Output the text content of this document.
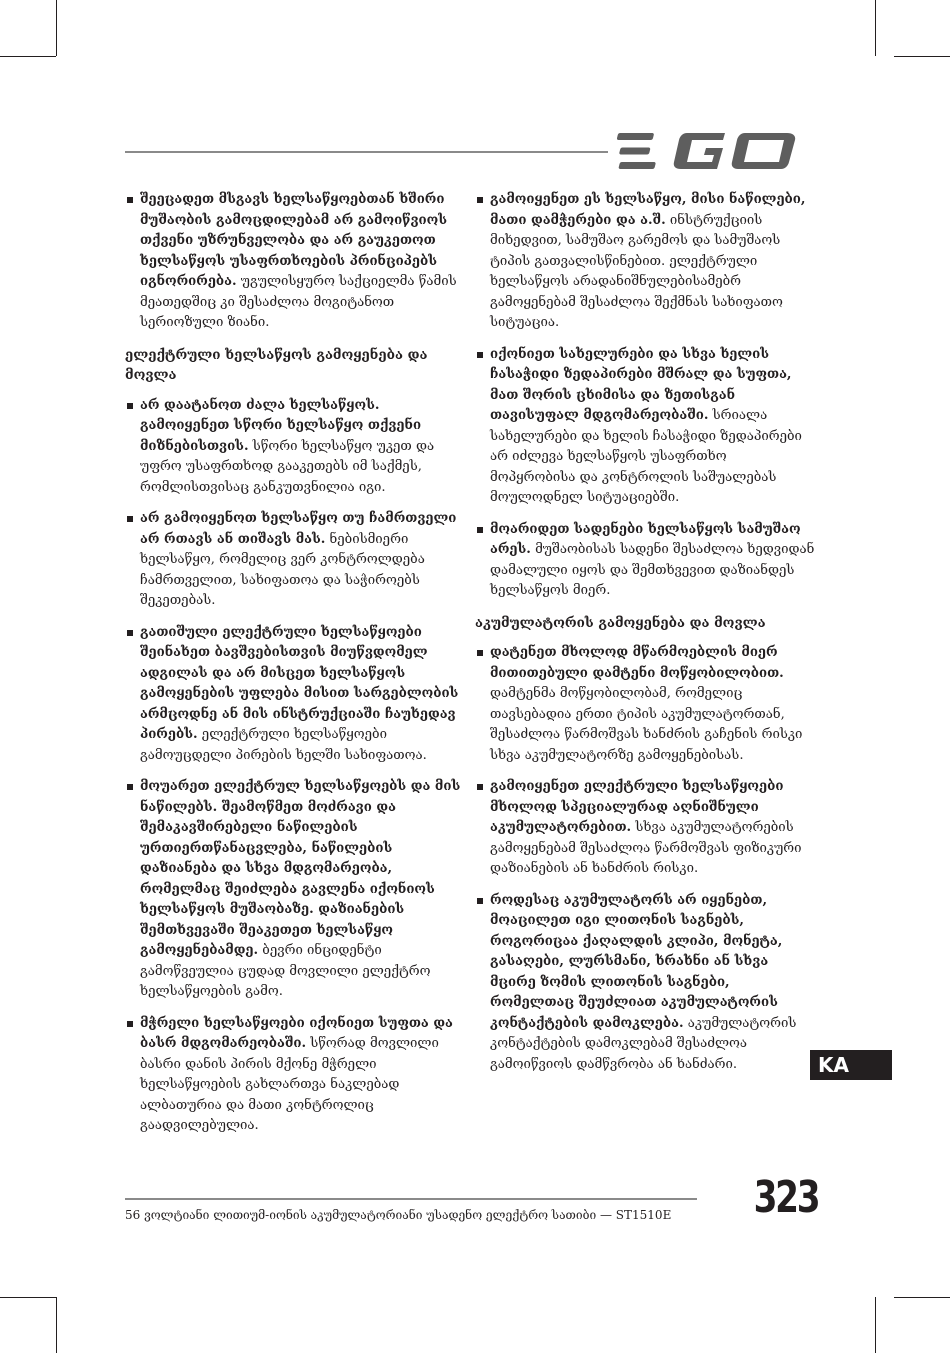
შეეცადეთ მსგავს ხელსაწყოებთან ხშირი მუშაობის გამოცდილებამ არ გამოიწვიოს თქვენი უზრუნველობა და არ გაუკეთოთ ხელსაწყოს უსაფრთხოების პრინციპებს იგნორირება. უგულისყურო საქციელმა წამის მეათედშიც კი შესაძლოა მოგიტანოთ სერიოზული ზიანი.
ელექტრული ხელსაწყოს გამოყენება და მოვლა
არ დაატანოთ ძალა ხელსაწყოს. გამოიყენეთ სწორი ხელსაწყო თქვენი მიზნებისთვის. სწორი ხელსაწყო უკეთ და უფრო უსაფრთხოდ გააკეთებს იმ საქმეს, რომლისთვისაც განკუთვნილია იგი.
არ გამოიყენოთ ხელსაწყო თუ ჩამრთველი არ რთავს ან თიშავს მას. ნებისმიერი ხელსაწყო, რომელიც ვერ კონტროლდება ჩამრთველით, სახიფათოა და საჭიროებს შეკეთებას.
გათიშული ელექტრული ხელსაწყოები შეინახეთ ბავშვებისთვის მიუწვდომელ ადგილას და არ მისცეთ ხელსაწყოს გამოყენების უფლება მისით სარგებლობის არმცოდნე ან მის ინსტრუქციაში ჩაუხედავ პირებს. ელექტრული ხელსაწყოები გამოუცდელი პირების ხელში სახიფათოა.
მოუარეთ ელექტრულ ხელსაწყოებს და მის ნაწილებს. შეამოწმეთ მოძრავი და შემაკავშირებელი ნაწილების ურთიერთწანაცვლება, ნაწილების დაზიანება და სხვა მდგომარეობა, რომელმაც შეიძლება გავლენა იქონიოს ხელსაწყოს მუშაობაზე. დაზიანების შემთხვევაში შეაკეთეთ ხელსაწყო გამოყენებამდე. ბევრი ინციდენტი გამოწვეულია ცუდად მოვლილი ელექტრო ხელსაწყოების გამო.
მჭრელი ხელსაწყოები იქონიეთ სუფთა და ბასრ მდგომარეობაში. სწორად მოვლილი ბასრი დანის პირის მქონე მჭრელი ხელსაწყოების გახლართვა ნაკლებად ალბათურია და მათი კონტროლიც გაადვილებულია.
გამოიყენეთ ეს ხელსაწყო, მისი ნაწილები, მათი დამჭერები და ა.შ. ინსტრუქციის მიხედვით, სამუშაო გარემოს და სამუშაოს ტიპის გათვალისწინებით. ელექტრული ხელსაწყოს არადანიშნულებისამებრ გამოყენებამ შესაძლოა შექმნას სახიფათო სიტუაცია.
იქონიეთ სახელურები და სხვა ხელის ჩასაჭიდი ზედაპირები მშრალ და სუფთა, მათ შორის ცხიმისა და ზეთისგან თავისუფალ მდგომარეობაში. სრიალა სახელურები და ხელის ჩასაჭიდი ზედაპირები არ იძლევა ხელსაწყოს უსაფრთხო მოპყრობისა და კონტროლის საშუალებას მოულოდნელ სიტუაციებში.
მოარიდეთ სადენები ხელსაწყოს სამუშაო არეს. მუშაობისას სადენი შესაძლოა ხედვიდან დამალული იყოს და შემთხვევით დაზიანდეს ხელსაწყოს მიერ.
აკუმულატორის გამოყენება და მოვლა
დატენეთ მხოლოდ მწარმოებლის მიერ მითითებული დამტენი მოწყობილობით. დამტენმა მოწყობილობამ, რომელიც თავსებადია ერთი ტიპის აკუმულატორთან, შესაძლოა წარმოშვას ხანძრის გაჩენის რისკი სხვა აკუმულატორზე გამოყენებისას.
გამოიყენეთ ელექტრული ხელსაწყოები მხოლოდ სპეციალურად აღნიშნული აკუმულატორებით. სხვა აკუმულატორების გამოყენებამ შესაძლოა წარმოშვას ფიზიკური დაზიანების ან ხანძრის რისკი.
როდესაც აკუმულატორს არ იყენებთ, მოაცილეთ იგი ლითონის საგნებს, როგორიცაა ქაღალდის კლიპი, მონეტა, გასაღები, ლურსმანი, ხრახნი ან სხვა მცირე ზომის ლითონის საგნები, რომელთაც შეუძლიათ აკუმულატორის კონტაქტების დამოკლება. აკუმულატორის კონტაქტების დამოკლებამ შესაძლოა გამოიწვიოს დამწვრობა ან ხანძარი.	KA
56 ვოლტიანი ლითიუმ-იონის აკუმულატორიანი უსადენო ელექტრო სათიბი — ST1510E 323
